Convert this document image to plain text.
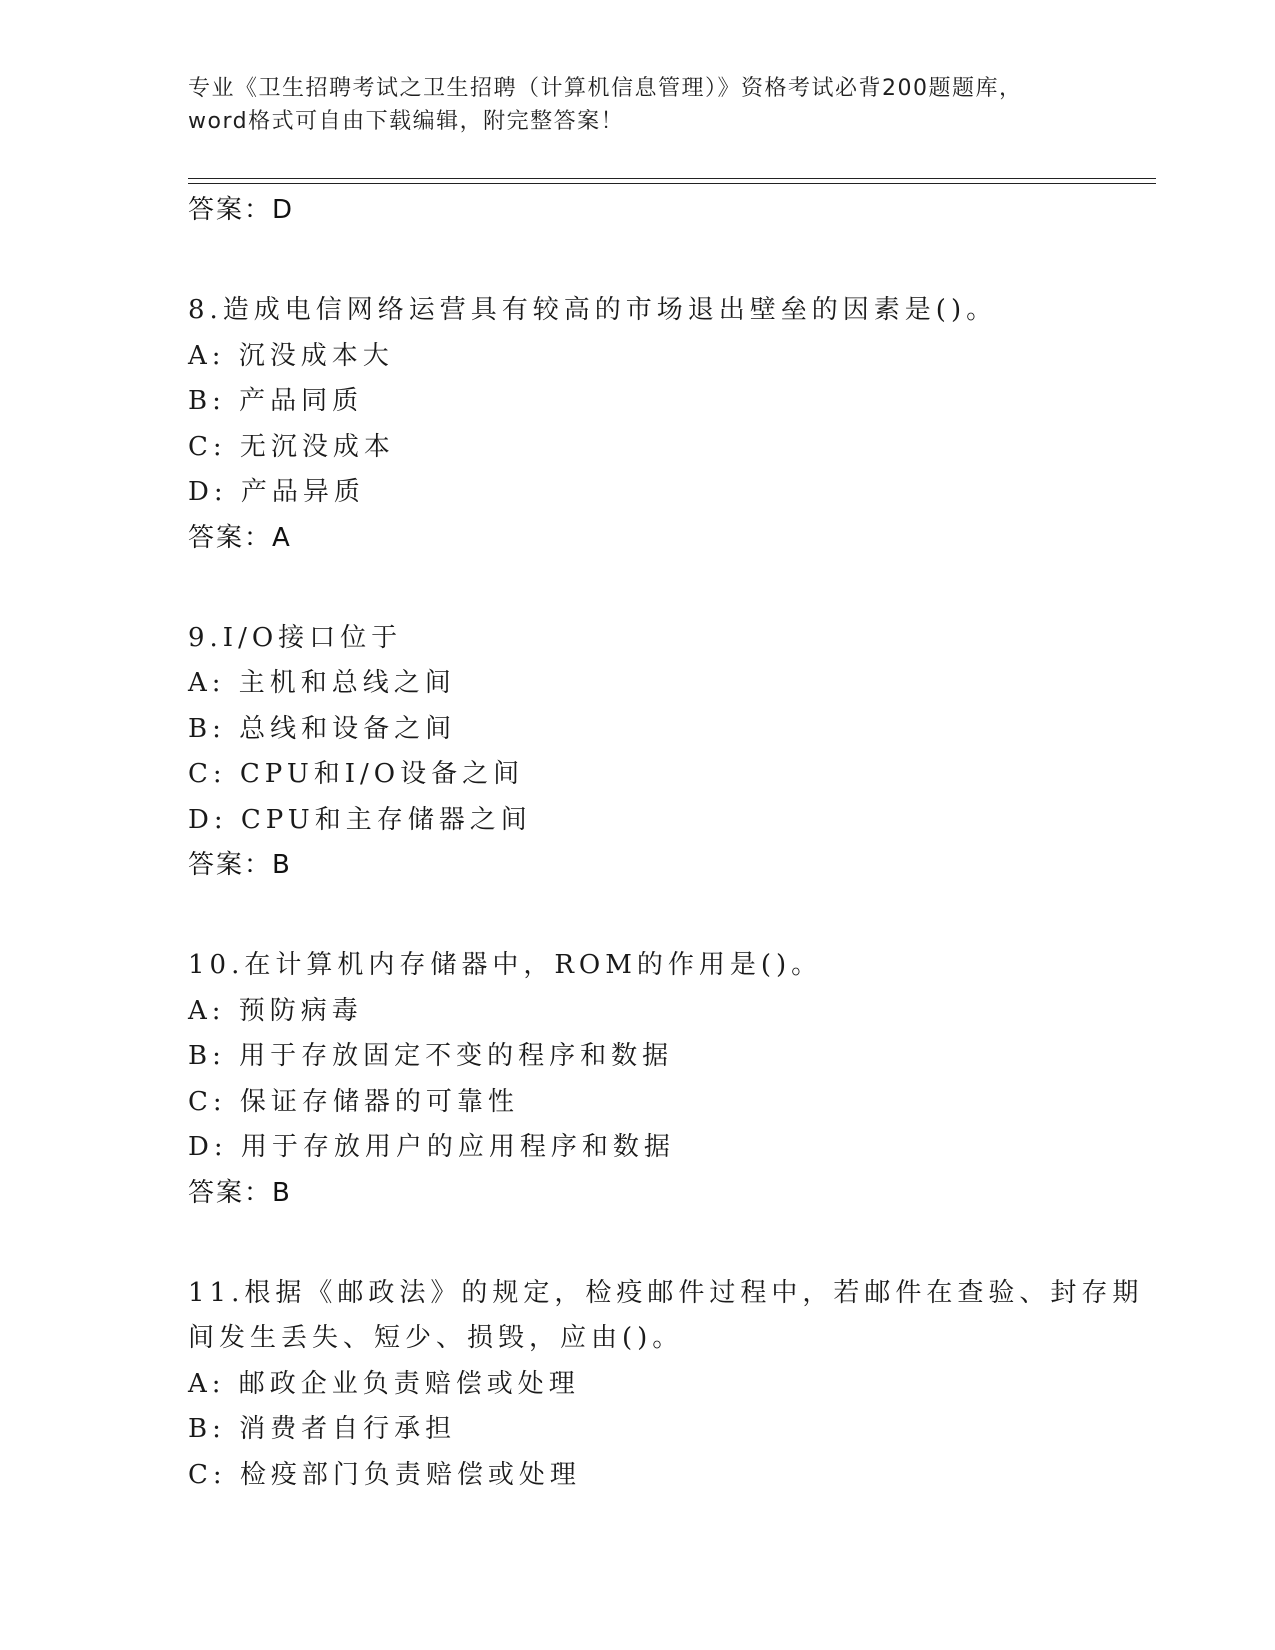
专业《卫生招聘考试之卫生招聘（计算机信息管理）》资格考试必背200题题库，
word格式可自由下载编辑，附完整答案！
答案：D
8.造成电信网络运营具有较高的市场退出壁垒的因素是()。
A: 沉没成本大
B: 产品同质
C: 无沉没成本
D: 产品异质
答案：A
9.I/O接口位于
A: 主机和总线之间
B: 总线和设备之间
C: CPU和I/O设备之间
D: CPU和主存储器之间
答案：B
10.在计算机内存储器中，ROM的作用是()。
A: 预防病毒
B: 用于存放固定不变的程序和数据
C: 保证存储器的可靠性
D: 用于存放用户的应用程序和数据
答案：B
11.根据《邮政法》的规定，检疫邮件过程中，若邮件在查验、封存期
间发生丢失、短少、损毁，应由()。
A: 邮政企业负责赔偿或处理
B: 消费者自行承担
C: 检疫部门负责赔偿或处理
